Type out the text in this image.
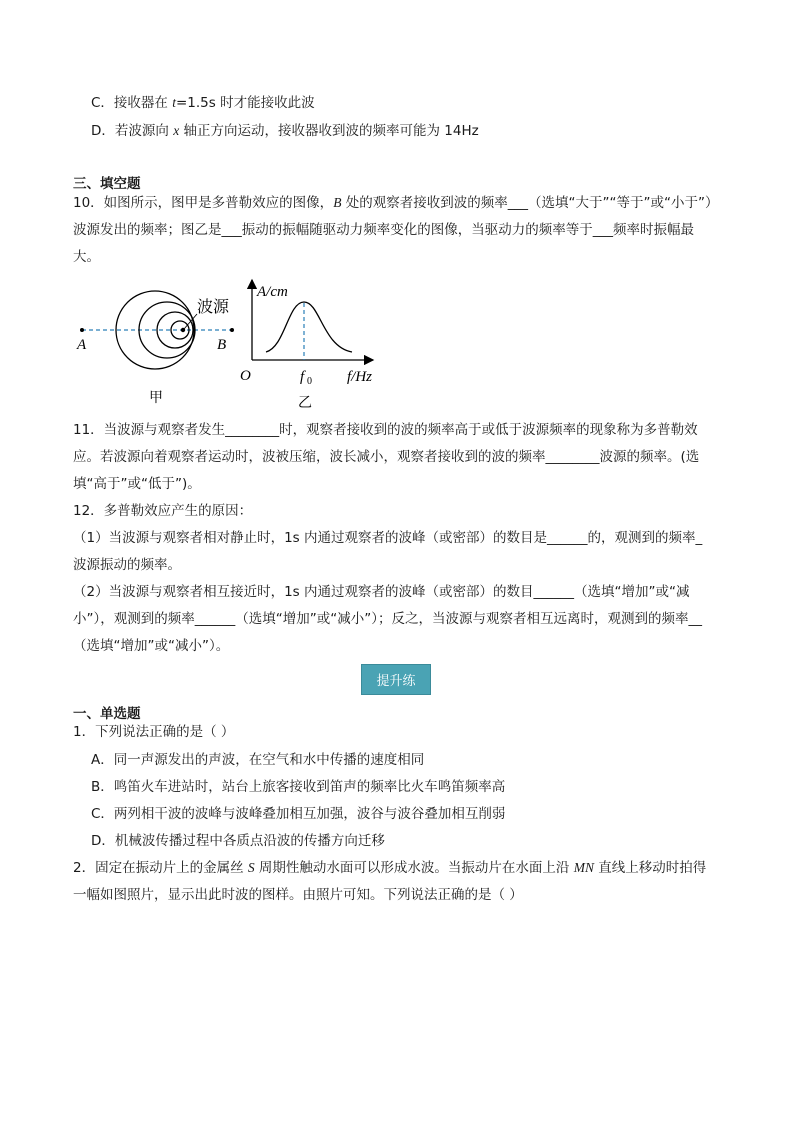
C．接收器在 t=1.5s 时才能接收此波
D．若波源向 x 轴正方向运动，接收器收到波的频率可能为 14Hz
三、填空题
10．如图所示，图甲是多普勒效应的图像，B 处的观察者接收到波的频率___（选填“大于”“等于”或“小于”）
波源发出的频率；图乙是___振动的振幅随驱动力频率变化的图像，当驱动力的频率等于___频率时振幅最
大。
波源
A	B
甲
A/cm
O	f 0 f/Hz
乙
11．当波源与观察者发生________时，观察者接收到的波的频率高于或低于波源频率的现象称为多普勒效
应。若波源向着观察者运动时，波被压缩，波长减小，观察者接收到的波的频率________波源的频率。(选
填“高于”或“低于”)。
12．多普勒效应产生的原因：
（1）当波源与观察者相对静止时，1s 内通过观察者的波峰（或密部）的数目是______的，观测到的频率_
波源振动的频率。
（2）当波源与观察者相互接近时，1s 内通过观察者的波峰（或密部）的数目______（选填“增加”或“减
小”），观测到的频率______（选填“增加”或“减小”）；反之，当波源与观察者相互远离时，观测到的频率__
（选填“增加”或“减小”）。
提升练
一、单选题
1．下列说法正确的是（ ）
A．同一声源发出的声波，在空气和水中传播的速度相同
B．鸣笛火车进站时，站台上旅客接收到笛声的频率比火车鸣笛频率高
C．两列相干波的波峰与波峰叠加相互加强，波谷与波谷叠加相互削弱
D．机械波传播过程中各质点沿波的传播方向迁移
2．固定在振动片上的金属丝 S 周期性触动水面可以形成水波。当振动片在水面上沿 MN 直线上移动时拍得
一幅如图照片，显示出此时波的图样。由照片可知。下列说法正确的是（ ）
